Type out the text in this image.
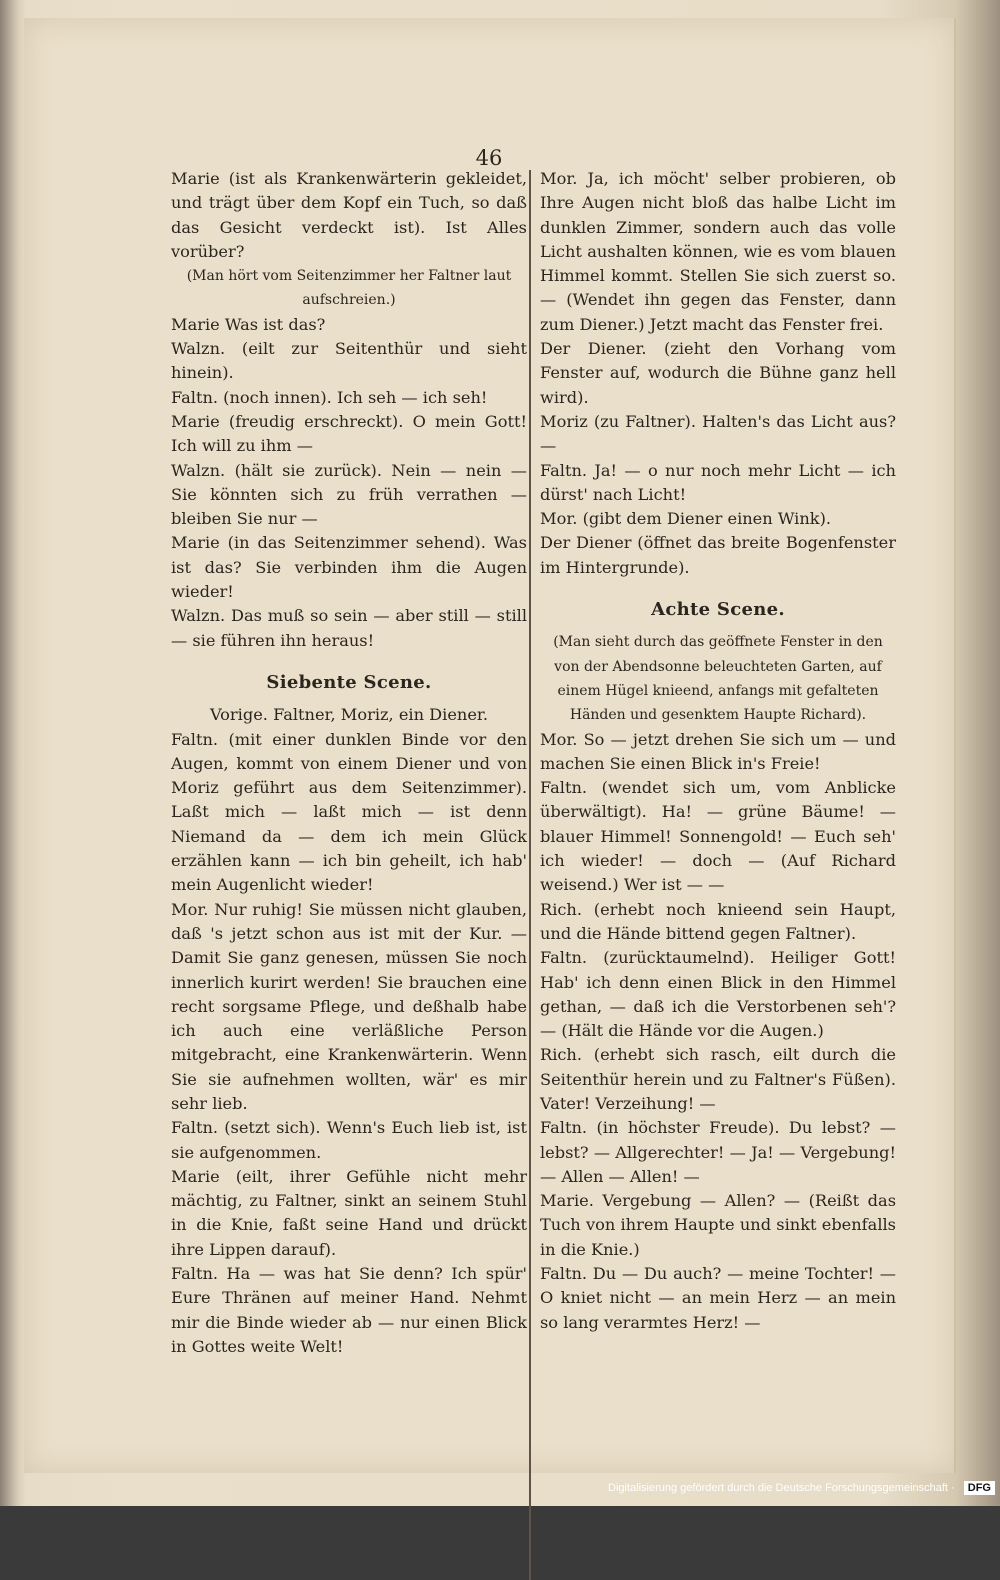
46

Marie (ist als Krankenwärterin gekleidet, und trägt über dem Kopf ein Tuch, so daß das Gesicht verdeckt ist). Ist Alles vorüber?

(Man hört vom Seitenzimmer her Faltner laut aufschreien.)

Marie Was ist das?

Walzn. (eilt zur Seitenthür und sieht hinein).

Faltn. (noch innen). Ich seh — ich seh!

Marie (freudig erschreckt). O mein Gott! Ich will zu ihm —

Walzn. (hält sie zurück). Nein — nein — Sie könnten sich zu früh verrathen — bleiben Sie nur —

Marie (in das Seitenzimmer sehend). Was ist das? Sie verbinden ihm die Augen wieder!

Walzn. Das muß so sein — aber still — still — sie führen ihn heraus!

Siebente Scene.

Vorige. Faltner, Moriz, ein Diener.

Faltn. (mit einer dunklen Binde vor den Augen, kommt von einem Diener und von Moriz geführt aus dem Seitenzimmer). Laßt mich — laßt mich — ist denn Niemand da — dem ich mein Glück erzählen kann — ich bin geheilt, ich hab' mein Augenlicht wieder!

Mor. Nur ruhig! Sie müssen nicht glauben, daß 's jetzt schon aus ist mit der Kur. — Damit Sie ganz genesen, müssen Sie noch innerlich kurirt werden! Sie brauchen eine recht sorgsame Pflege, und deßhalb habe ich auch eine verläßliche Person mitgebracht, eine Krankenwärterin. Wenn Sie sie aufnehmen wollten, wär' es mir sehr lieb.

Faltn. (setzt sich). Wenn's Euch lieb ist, ist sie aufgenommen.

Marie (eilt, ihrer Gefühle nicht mehr mächtig, zu Faltner, sinkt an seinem Stuhl in die Knie, faßt seine Hand und drückt ihre Lippen darauf).

Faltn. Ha — was hat Sie denn? Ich spür' Eure Thränen auf meiner Hand. Nehmt mir die Binde wieder ab — nur einen Blick in Gottes weite Welt!

Mor. Ja, ich möcht' selber probieren, ob Ihre Augen nicht bloß das halbe Licht im dunklen Zimmer, sondern auch das volle Licht aushalten können, wie es vom blauen Himmel kommt. Stellen Sie sich zuerst so. — (Wendet ihn gegen das Fenster, dann zum Diener.) Jetzt macht das Fenster frei.

Der Diener. (zieht den Vorhang vom Fenster auf, wodurch die Bühne ganz hell wird).

Moriz (zu Faltner). Halten's das Licht aus? —

Faltn. Ja! — o nur noch mehr Licht — ich dürst' nach Licht!

Mor. (gibt dem Diener einen Wink).

Der Diener (öffnet das breite Bogenfenster im Hintergrunde).

Achte Scene.

(Man sieht durch das geöffnete Fenster in den von der Abendsonne beleuchteten Garten, auf einem Hügel knieend, anfangs mit gefalteten Händen und gesenktem Haupte Richard).

Mor. So — jetzt drehen Sie sich um — und machen Sie einen Blick in's Freie!

Faltn. (wendet sich um, vom Anblicke überwältigt). Ha! — grüne Bäume! — blauer Himmel! Sonnengold! — Euch seh' ich wieder! — doch — (Auf Richard weisend.) Wer ist — —

Rich. (erhebt noch knieend sein Haupt, und die Hände bittend gegen Faltner).

Faltn. (zurücktaumelnd). Heiliger Gott! Hab' ich denn einen Blick in den Himmel gethan, — daß ich die Verstorbenen seh'? — (Hält die Hände vor die Augen.)

Rich. (erhebt sich rasch, eilt durch die Seitenthür herein und zu Faltner's Füßen). Vater! Verzeihung! —

Faltn. (in höchster Freude). Du lebst? — lebst? — Allgerechter! — Ja! — Vergebung! — Allen — Allen! —

Marie. Vergebung — Allen? — (Reißt das Tuch von ihrem Haupte und sinkt ebenfalls in die Knie.)

Faltn. Du — Du auch? — meine Tochter! — O kniet nicht — an mein Herz — an mein so lang verarmtes Herz! —

Digitalisierung gefördert durch die Deutsche Forschungsgemeinschaft · DFG
